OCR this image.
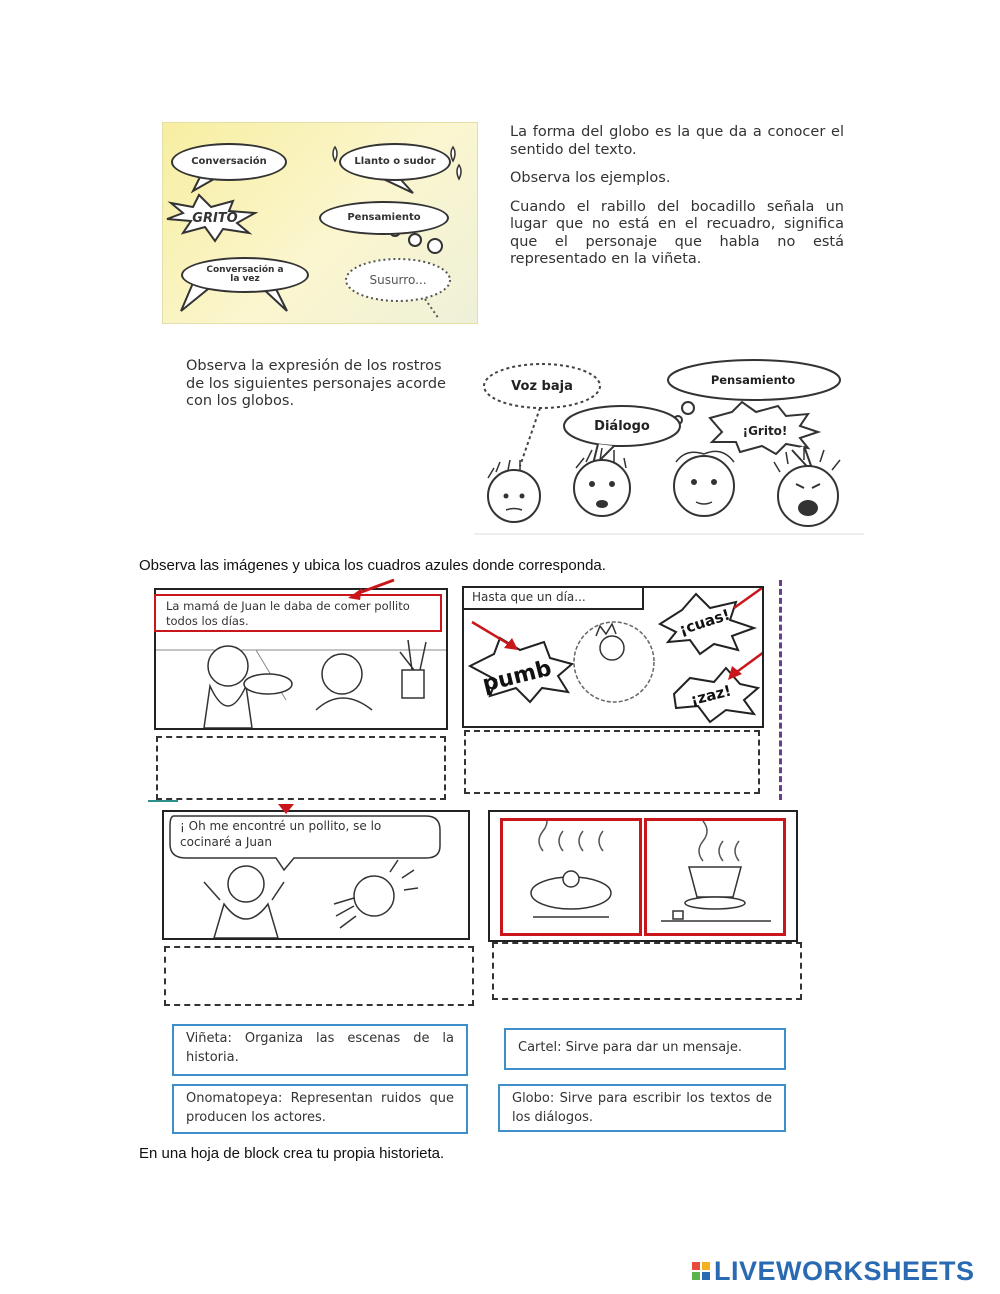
Conversación	Llanto o sudor
GRITO	Pensamiento
Conversación a la vez	Susurro...

La forma del globo es la que da a conocer el sentido del texto.

Observa los ejemplos.

Cuando el rabillo del bocadillo señala un lugar que no está en el recuadro, significa que el personaje que habla no está representado en la viñeta.

Observa la expresión de los rostros de los siguientes personajes acorde con los globos.

Voz baja	Pensamiento
Diálogo	¡Grito!
Observa las imágenes y ubica los cuadros azules donde corresponda.
La mamá de Juan le daba de comer pollito todos los días.
Hasta que un día...
pumb
¡cuas!
¡zaz!
¡ Oh me encontré un pollito, se lo cocinaré a Juan
Viñeta: Organiza las escenas de la historia.
Cartel: Sirve para dar un mensaje.
Onomatopeya: Representan ruidos que producen los actores.
Globo: Sirve para escribir los textos de los diálogos.
En una hoja de block crea tu propia historieta.
LIVEWORKSHEETS
